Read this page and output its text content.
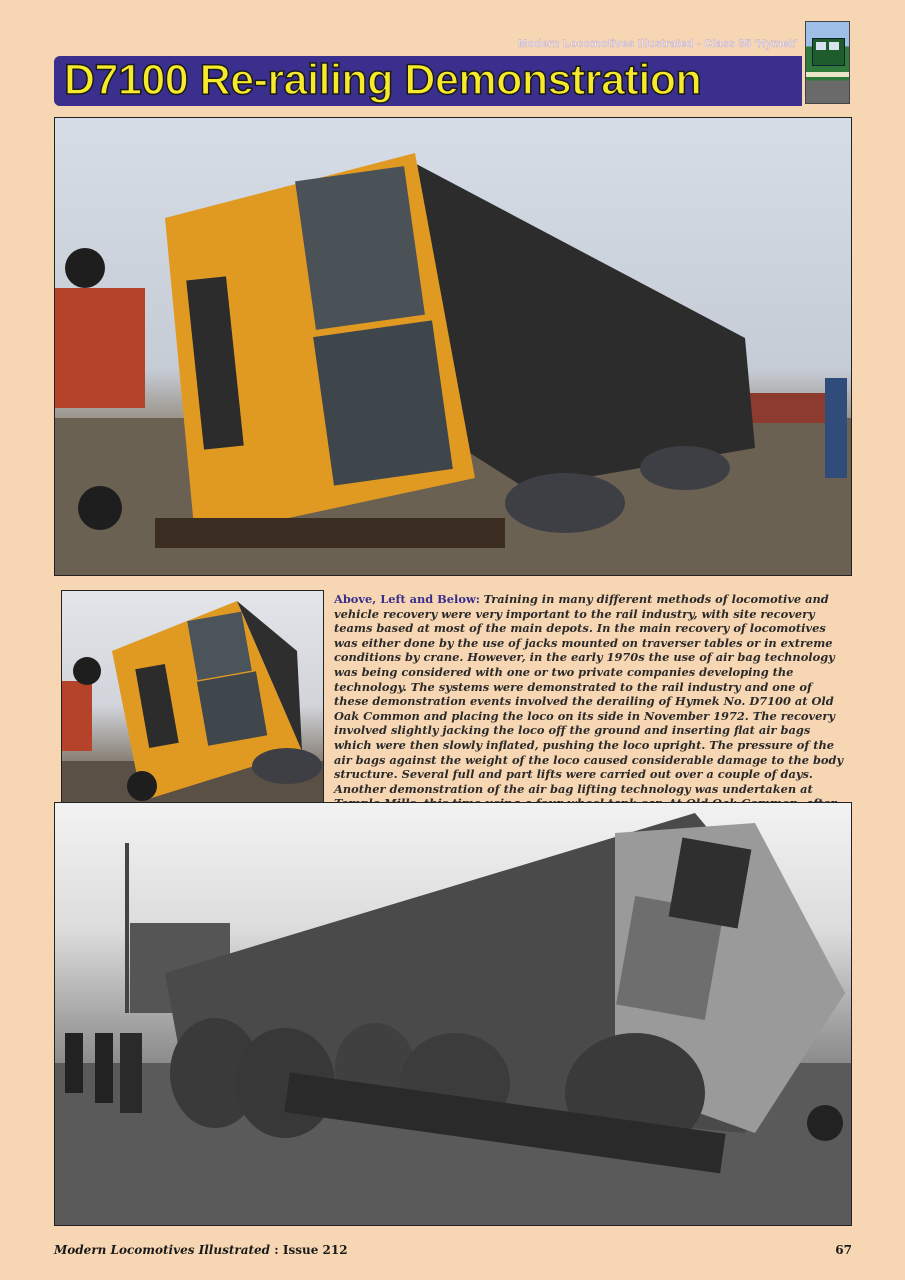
Modern Locomotives Illustrated - Class 35 'Hymek'
D7100 Re-railing Demonstration
Above, Left and Below: Training in many different methods of locomotive and vehicle recovery were very important to the rail industry, with site recovery teams based at most of the main depots. In the main recovery of locomotives was either done by the use of jacks mounted on traverser tables or in extreme conditions by crane. However, in the early 1970s the use of air bag technology was being considered with one or two private companies developing the technology. The systems were demonstrated to the rail industry and one of these demonstration events involved the derailing of Hymek No. D7100 at Old Oak Common and placing the loco on its side in November 1972. The recovery involved slightly jacking the loco off the ground and inserting flat air bags which were then slowly inflated, pushing the loco upright. The pressure of the air bags against the weight of the loco caused considerable damage to the body structure. Several full and part lifts were carried out over a couple of days. Another demonstration of the air bag lifting technology was undertaken at
Modern Locomotives Illustrated : Issue 212	67
